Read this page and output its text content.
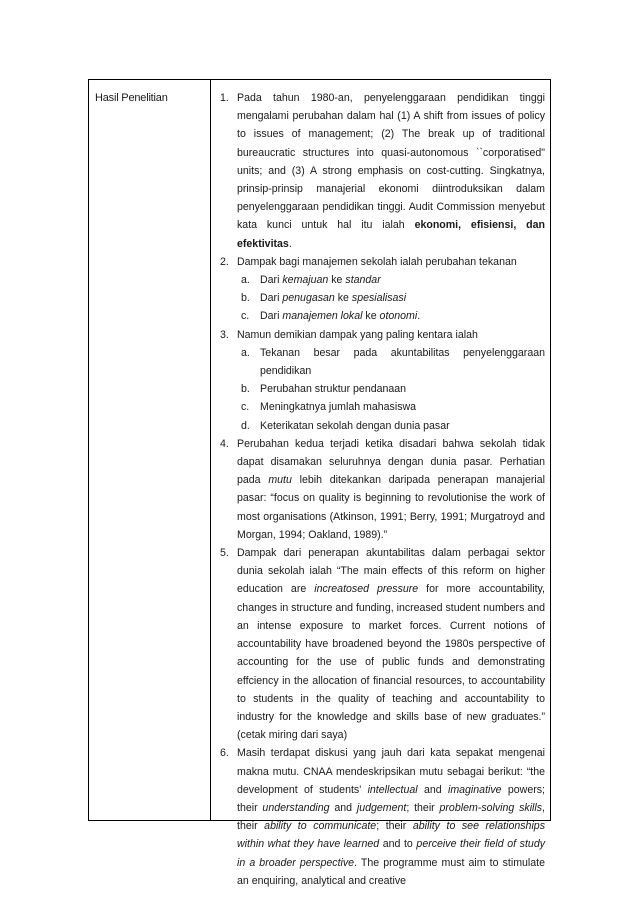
Hasil Penelitian	1. Pada tahun 1980-an, penyelenggaraan pendidikan tinggi mengalami perubahan dalam hal (1) A shift from issues of policy to issues of management; (2) The break up of traditional bureaucratic structures into quasi-autonomous ``corporatised" units; and (3) A strong emphasis on cost-cutting. Singkatnya, prinsip-prinsip manajerial ekonomi diintroduksikan dalam penyelenggaraan pendidikan tinggi. Audit Commission menyebut kata kunci untuk hal itu ialah ekonomi, efisiensi, dan efektivitas.
2. Dampak bagi manajemen sekolah ialah perubahan tekanan
a. Dari kemajuan ke standar
b. Dari penugasan ke spesialisasi
c. Dari manajemen lokal ke otonomi.
3. Namun demikian dampak yang paling kentara ialah
a. Tekanan besar pada akuntabilitas penyelenggaraan pendidikan
b. Perubahan struktur pendanaan
c. Meningkatnya jumlah mahasiswa
d. Keterikatan sekolah dengan dunia pasar
4. Perubahan kedua terjadi ketika disadari bahwa sekolah tidak dapat disamakan seluruhnya dengan dunia pasar. Perhatian pada mutu lebih ditekankan daripada penerapan manajerial pasar: “focus on quality is beginning to revolutionise the work of most organisations (Atkinson, 1991; Berry, 1991; Murgatroyd and Morgan, 1994; Oakland, 1989).”
5. Dampak dari penerapan akuntabilitas dalam perbagai sektor dunia sekolah ialah “The main effects of this reform on higher education are increatosed pressure for more accountability, changes in structure and funding, increased student numbers and an intense exposure to market forces. Current notions of accountability have broadened beyond the 1980s perspective of accounting for the use of public funds and demonstrating effciency in the allocation of financial resources, to accountability to students in the quality of teaching and accountability to industry for the knowledge and skills base of new graduates.” (cetak miring dari saya)
6. Masih terdapat diskusi yang jauh dari kata sepakat mengenai makna mutu. CNAA mendeskripsikan mutu sebagai berikut: “the development of students' intellectual and imaginative powers; their understanding and judgement; their problem-solving skills, their ability to communicate; their ability to see relationships within what they have learned and to perceive their field of study in a broader perspective. The programme must aim to stimulate an enquiring, analytical and creative
